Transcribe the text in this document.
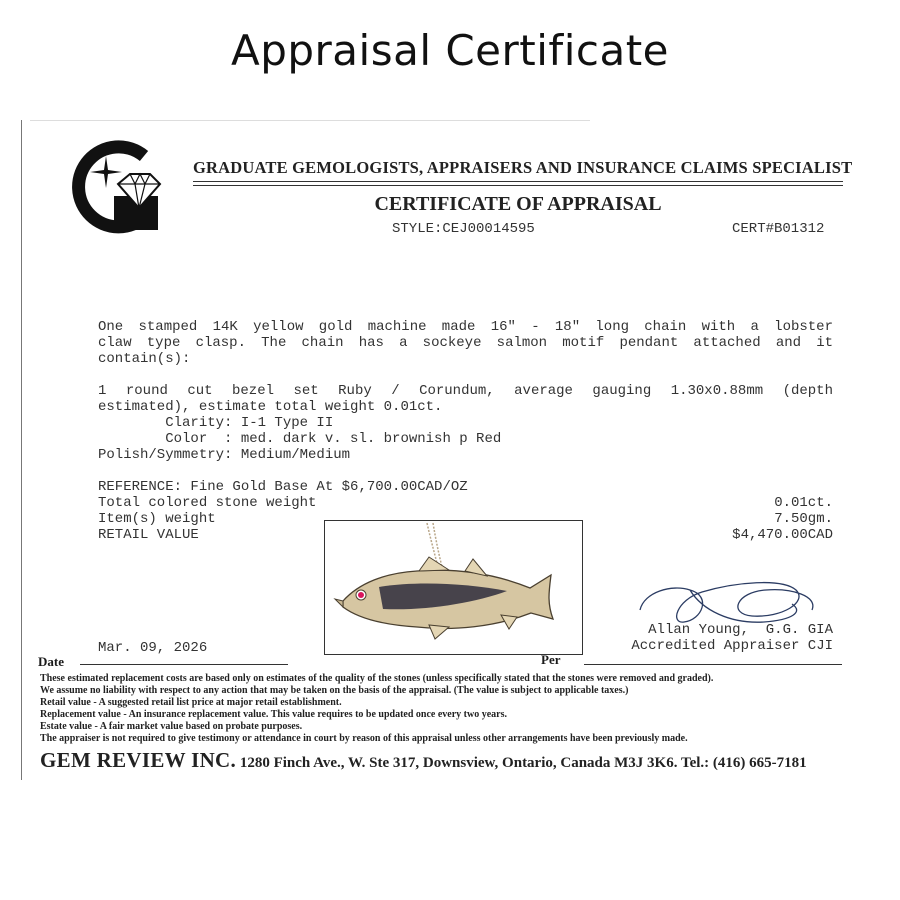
Appraisal Certificate
GRADUATE GEMOLOGISTS, APPRAISERS AND INSURANCE CLAIMS SPECIALIST
CERTIFICATE OF APPRAISAL
STYLE:CEJ00014595	CERT#B01312
One stamped 14K yellow gold machine made 16" - 18" long chain with a lobster
claw type clasp. The chain has a sockeye salmon motif pendant attached and it
contain(s):
1 round cut bezel set Ruby / Corundum, average gauging 1.30x0.88mm (depth
estimated), estimate total weight 0.01ct.
Clarity: I-1 Type II
Color  : med. dark v. sl. brownish p Red
Polish/Symmetry: Medium/Medium
REFERENCE: Fine Gold Base At $6,700.00CAD/OZ
Total colored stone weight	0.01ct.
Item(s) weight	7.50gm.
RETAIL VALUE	$4,470.00CAD
Allan Young,  G.G. GIA
Accredited Appraiser CJI
Mar. 09, 2026
Date	Per
These estimated replacement costs are based only on estimates of the quality of the stones (unless specifically stated that the stones were removed and graded).
We assume no liability with respect to any action that may be taken on the basis of the appraisal. (The value is subject to applicable taxes.)
Retail value - A suggested retail list price at major retail establishment.
Replacement value - An insurance replacement value. This value requires to be updated once every two years.
Estate value - A fair market value based on probate purposes.
The appraiser is not required to give testimony or attendance in court by reason of this appraisal unless other arrangements have been previously made.
GEM REVIEW INC. 1280 Finch Ave., W. Ste 317, Downsview, Ontario, Canada M3J 3K6. Tel.: (416) 665-7181
